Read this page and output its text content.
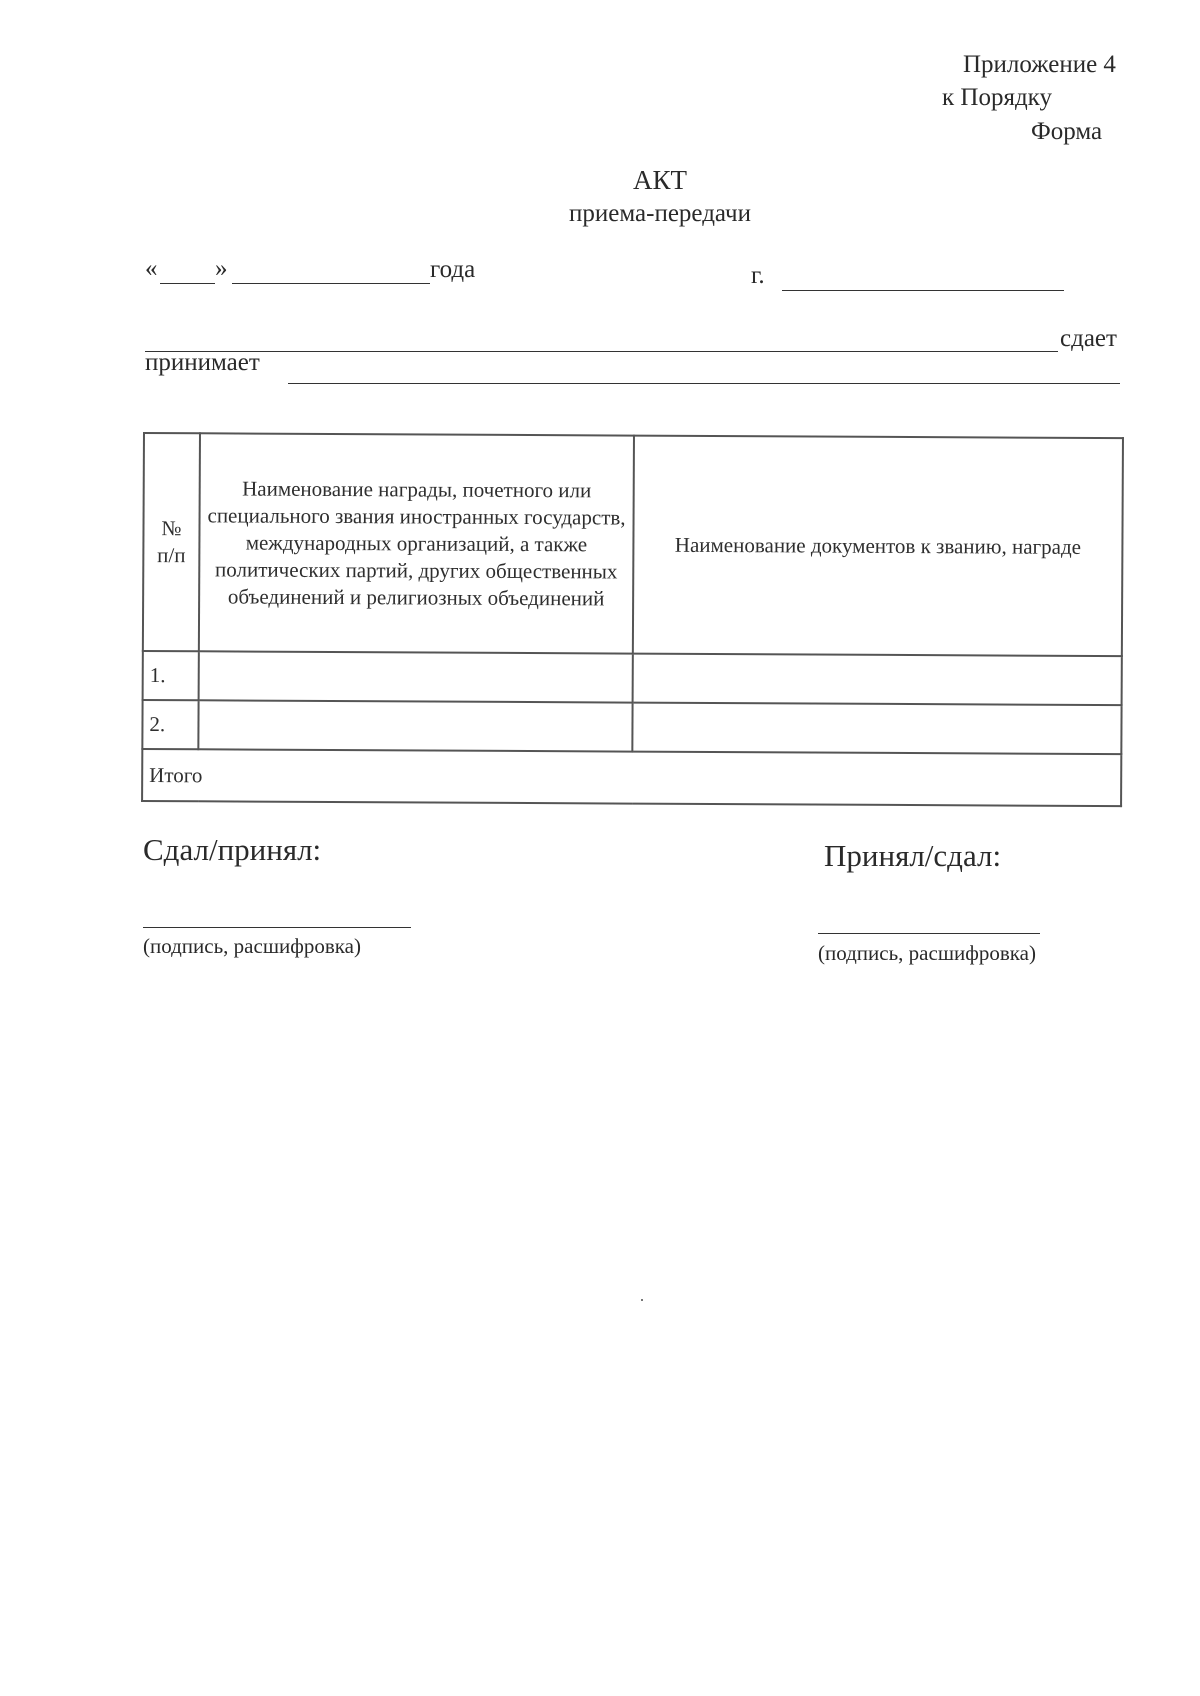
Приложение 4
к Порядку
Форма
АКТ
приема-передачи
« »	года	г.
сдает
принимает
№ п/п	Наименование награды, почетного или специального звания иностранных государств, международных организаций, а также политических партий, других общественных объединений и религиозных объединений	Наименование документов к званию, награде
1.		
2.		
Итого		
Сдал/принял:
(подпись, расшифровка)
Принял/сдал:
(подпись, расшифровка)
